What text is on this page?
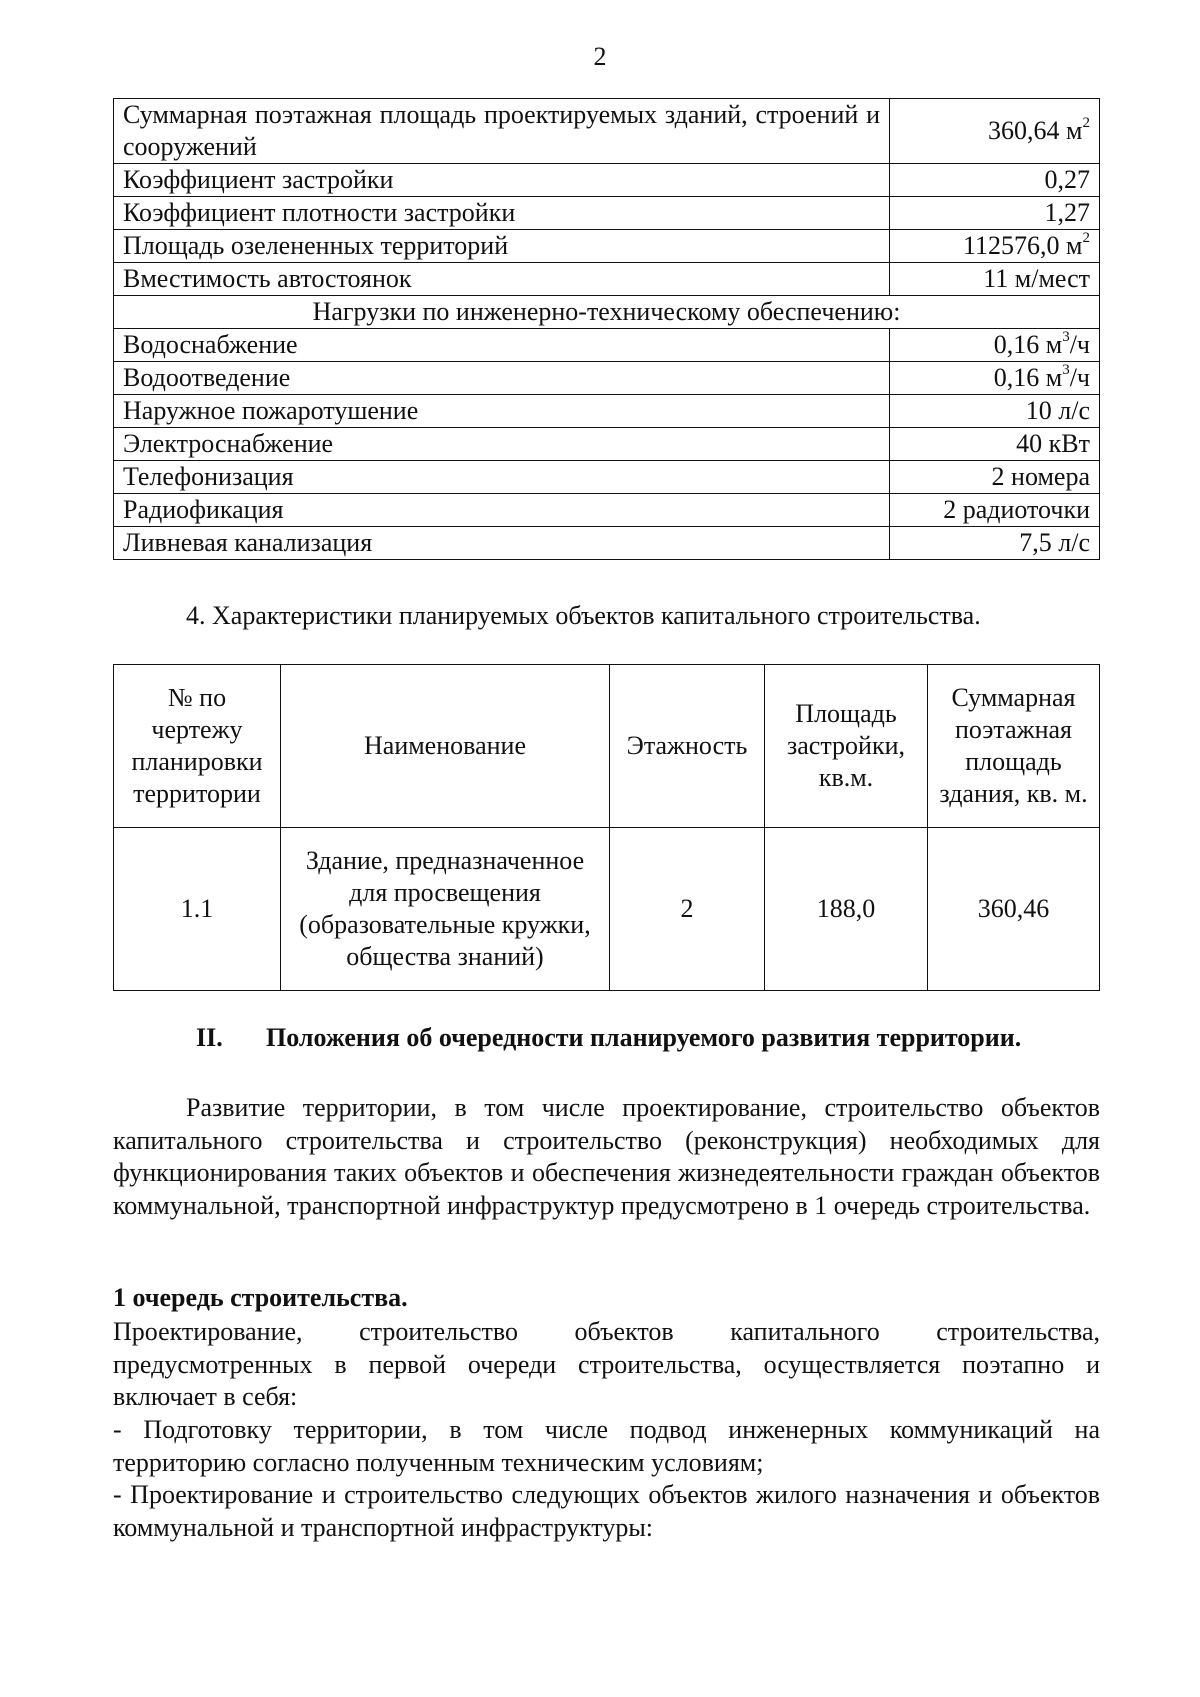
2
Суммарная поэтажная площадь проектируемых зданий, строений и сооружений	360,64 $м^2$
Коэффициент застройки	0,27
Коэффициент плотности застройки	1,27
Площадь озелененных территорий	112576,0 $м^2$
Вместимость автостоянок	11 м/мест
Нагрузки по инженерно-техническому обеспечению:	
Водоснабжение	0,16 $м^3/ч$
Водоотведение	0,16 $м^3/ч$
Наружное пожаротушение	10 л/с
Электроснабжение	40 кВт
Телефонизация	2 номера
Радиофикация	2 радиоточки
Ливневая канализация	7,5 л/с
4. Характеристики планируемых объектов капитального строительства.
№ по чертежу планировки территории	Наименование	Этажность	Площадь застройки, кв.м.	Суммарная поэтажная площадь здания, кв. м.
1.1	Здание, предназначенное для просвещения (образовательные кружки, общества знаний)	2	188,0	360,46
II. Положения об очередности планируемого развития территории.
Развитие территории, в том числе проектирование, строительство объектов капитального строительства и строительство (реконструкция) необходимых для функционирования таких объектов и обеспечения жизнедеятельности граждан объектов коммунальной, транспортной инфраструктур предусмотрено в 1 очередь строительства.
1 очередь строительства.
Проектирование, строительство объектов капитального строительства, предусмотренных в первой очереди строительства, осуществляется поэтапно и включает в себя:
- Подготовку территории, в том числе подвод инженерных коммуникаций на территорию согласно полученным техническим условиям;
- Проектирование и строительство следующих объектов жилого назначения и объектов коммунальной и транспортной инфраструктуры:
